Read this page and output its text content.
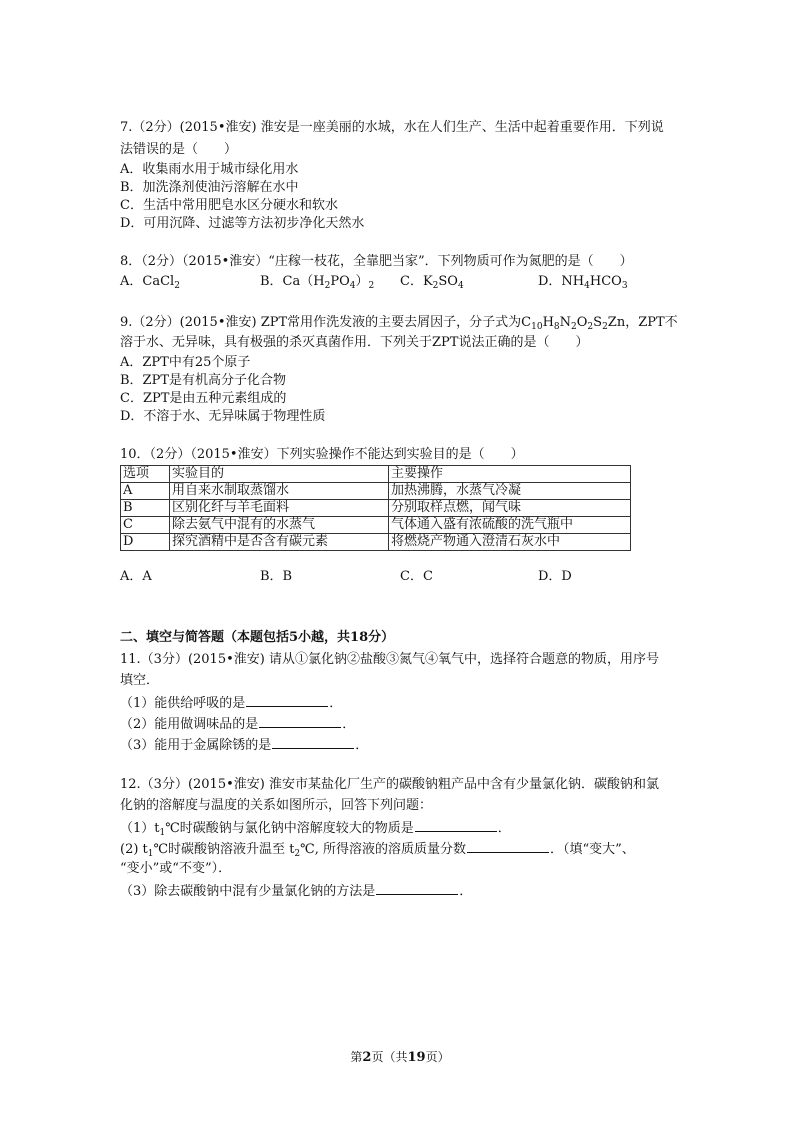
7.（2分）(2015•淮安) 淮安是一座美丽的水城，水在人们生产、生活中起着重要作用．下列说
法错误的是（　　）
A．收集雨水用于城市绿化用水
B．加洗涤剂使油污溶解在水中
C．生活中常用肥皂水区分硬水和软水
D．可用沉降、过滤等方法初步净化天然水
8．（2分）（2015•淮安）“庄稼一枝花，全靠肥当家”．下列物质可作为氮肥的是（　　）
A．CaCl$_2$	B．$Ca(H_2PO_4)_2$ C．$K_2SO_4$	D．$NH_4HCO_3$
9.（2分）(2015•淮安) ZPT常用作洗发液的主要去屑因子，分子式为$C_{10}H_8N_2O_2S_2Zn$，ZPT不
溶于水、无异味，具有极强的杀灭真菌作用．下列关于ZPT说法正确的是（　　）
A．ZPT中有25个原子
B．ZPT是有机高分子化合物
C．ZPT是由五种元素组成的
D．不溶于水、无异味属于物理性质
10．（2分）（2015•淮安）下列实验操作不能达到实验目的是（　　）
选项	实验目的	主要操作
A	用自来水制取蒸馏水	加热沸腾，水蒸气冷凝
B	区别化纤与羊毛面料	分别取样点燃，闻气味
C	除去氨气中混有的水蒸气	气体通入盛有浓硫酸的洗气瓶中
D	探究酒精中是否含有碳元素	将燃烧产物通入澄清石灰水中
A．A	B．B	C．C	D．D
二、填空与简答题（本题包括5小越，共18分）
11.（3分）(2015•淮安) 请从①氯化钠②盐酸③氮气④氧气中，选择符合题意的物质，用序号
填空．
（1）能供给呼吸的是	．
（2）能用做调味品的是	．
（3）能用于金属除锈的是	．
12.（3分）(2015•淮安) 淮安市某盐化厂生产的碳酸钠粗产品中含有少量氯化钠．碳酸钠和氯
化钠的溶解度与温度的关系如图所示，回答下列问题：
$(1)t_1℃$时碳酸钠与氯化钠中溶解度较大的物质是	．
(2) $t_1℃$时碳酸钠溶液升温至 $t_2℃$, 所得溶液的溶质质量分数	．（填“变大”、
“变小”或“不变”）．
（3）除去碳酸钠中混有少量氯化钠的方法是	．
第2页（共19页）
